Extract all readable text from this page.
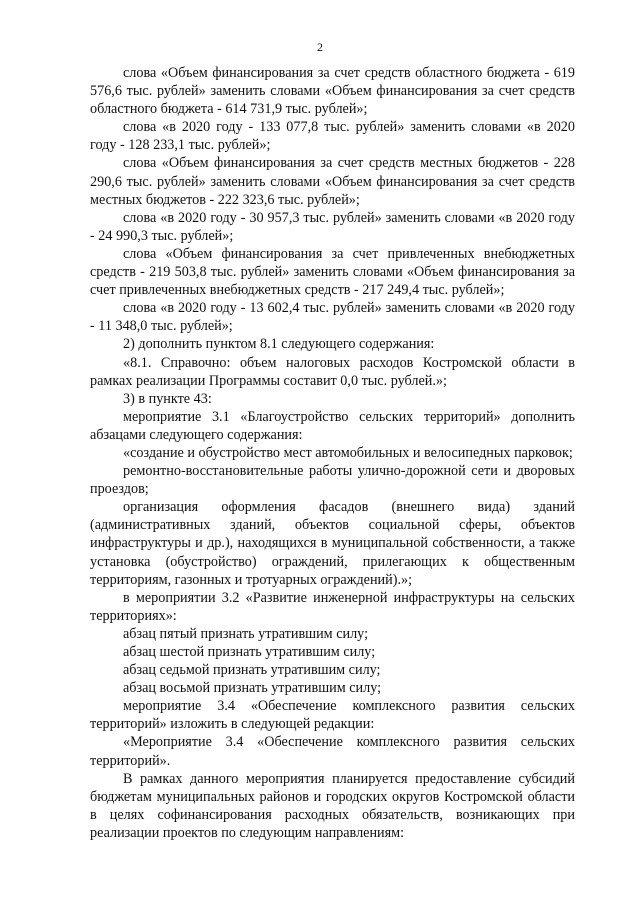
2

слова «Объем финансирования за счет средств областного бюджета - 619 576,6 тыс. рублей» заменить словами «Объем финансирования за счет средств областного бюджета - 614 731,9 тыс. рублей»;

слова «в 2020 году - 133 077,8 тыс. рублей» заменить словами «в 2020 году - 128 233,1 тыс. рублей»;

слова «Объем финансирования за счет средств местных бюджетов - 228 290,6 тыс. рублей» заменить словами «Объем финансирования за счет средств местных бюджетов - 222 323,6 тыс. рублей»;

слова «в 2020 году - 30 957,3 тыс. рублей» заменить словами «в 2020 году - 24 990,3 тыс. рублей»;

слова «Объем финансирования за счет привлеченных внебюджетных средств - 219 503,8 тыс. рублей» заменить словами «Объем финансирования за счет привлеченных внебюджетных средств - 217 249,4 тыс. рублей»;

слова «в 2020 году - 13 602,4 тыс. рублей» заменить словами «в 2020 году - 11 348,0 тыс. рублей»;

2) дополнить пунктом 8.1 следующего содержания:

«8.1. Справочно: объем налоговых расходов Костромской области в рамках реализации Программы составит 0,0 тыс. рублей.»;

3) в пункте 43:

мероприятие 3.1 «Благоустройство сельских территорий» дополнить абзацами следующего содержания:

«создание и обустройство мест автомобильных и велосипедных парковок;

ремонтно-восстановительные работы улично-дорожной сети и дворовых проездов;

организация оформления фасадов (внешнего вида) зданий (административных зданий, объектов социальной сферы, объектов инфраструктуры и др.), находящихся в муниципальной собственности, а также установка (обустройство) ограждений, прилегающих к общественным территориям, газонных и тротуарных ограждений).»;

в мероприятии 3.2 «Развитие инженерной инфраструктуры на сельских территориях»:

абзац пятый признать утратившим силу;

абзац шестой признать утратившим силу;

абзац седьмой признать утратившим силу;

абзац восьмой признать утратившим силу;

мероприятие 3.4 «Обеспечение комплексного развития сельских территорий» изложить в следующей редакции:

«Мероприятие 3.4 «Обеспечение комплексного развития сельских территорий».

В рамках данного мероприятия планируется предоставление субсидий бюджетам муниципальных районов и городских округов Костромской области в целях софинансирования расходных обязательств, возникающих при реализации проектов по следующим направлениям:
